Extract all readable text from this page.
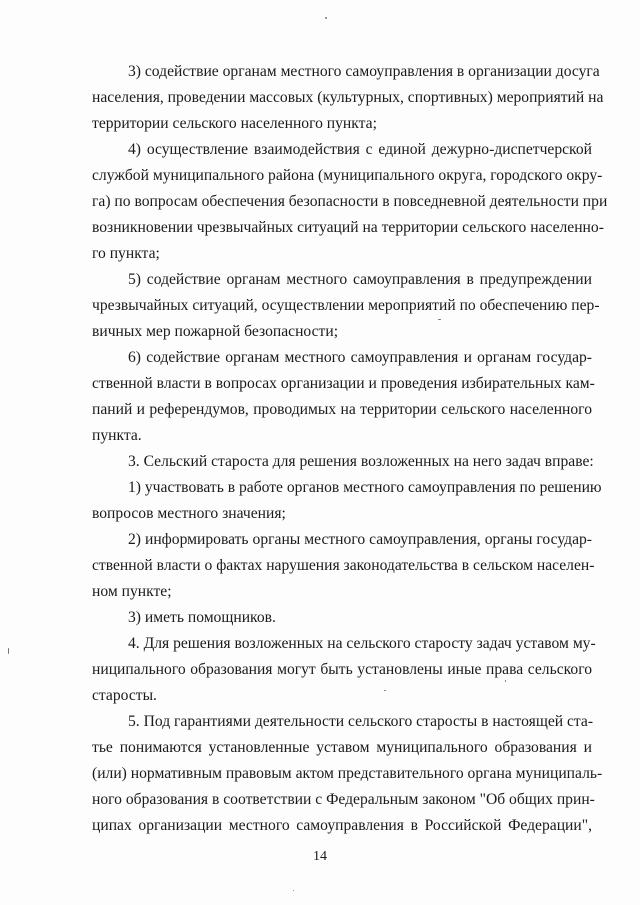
3) содействие органам местного самоуправления в организации досуга
населения, проведении массовых (культурных, спортивных) мероприятий на
территории сельского населенного пункта;
4) осуществление взаимодействия с единой дежурно-диспетчерской
службой муниципального района (муниципального округа, городского окру-
га) по вопросам обеспечения безопасности в повседневной деятельности при
возникновении чрезвычайных ситуаций на территории сельского населенно-
го пункта;
5) содействие органам местного самоуправления в предупреждении
чрезвычайных ситуаций, осуществлении мероприятий по обеспечению пер-
вичных мер пожарной безопасности;
6) содействие органам местного самоуправления и органам государ-
ственной власти в вопросах организации и проведения избирательных кам-
паний и референдумов, проводимых на территории сельского населенного
пункта.
3. Сельский староста для решения возложенных на него задач вправе:
1) участвовать в работе органов местного самоуправления по решению
вопросов местного значения;
2) информировать органы местного самоуправления, органы государ-
ственной власти о фактах нарушения законодательства в сельском населен-
ном пункте;
3) иметь помощников.
4. Для решения возложенных на сельского старосту задач уставом му-
ниципального образования могут быть установлены иные права сельского
старосты.
5. Под гарантиями деятельности сельского старосты в настоящей ста-
тье понимаются установленные уставом муниципального образования и
(или) нормативным правовым актом представительного органа муниципаль-
ного образования в соответствии с Федеральным законом "Об общих прин-
ципах организации местного самоуправления в Российской Федерации",
14
